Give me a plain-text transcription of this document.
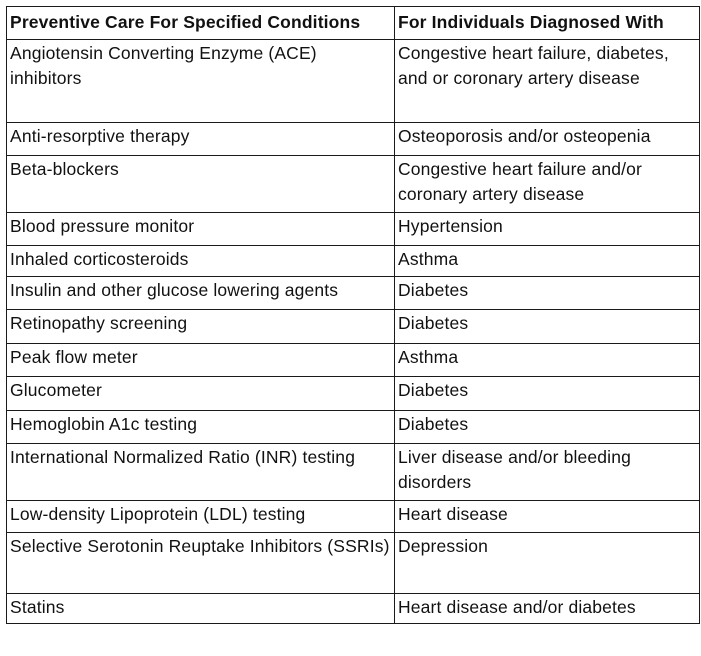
Preventive Care For Specified Conditions	For Individuals Diagnosed With

Angiotensin Converting Enzyme (ACE) inhibitors	Congestive heart failure, diabetes, and or coronary artery disease

Anti-resorptive therapy	Osteoporosis and/or osteopenia

Beta-blockers	Congestive heart failure and/or coronary artery disease

Blood pressure monitor	Hypertension

Inhaled corticosteroids	Asthma

Insulin and other glucose lowering agents	Diabetes

Retinopathy screening	Diabetes

Peak flow meter	Asthma

Glucometer	Diabetes

Hemoglobin A1c testing	Diabetes

International Normalized Ratio (INR) testing	Liver disease and/or bleeding disorders

Low-density Lipoprotein (LDL) testing	Heart disease

Selective Serotonin Reuptake Inhibitors (SSRIs)	Depression

Statins	Heart disease and/or diabetes
